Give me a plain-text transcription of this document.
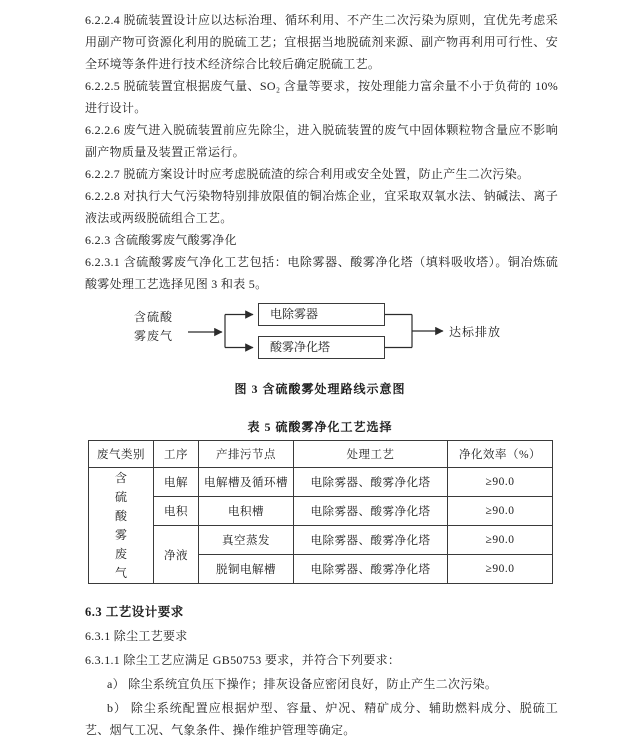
6.2.2.4 脱硫装置设计应以达标治理、循环利用、不产生二次污染为原则，宜优先考虑采用副产物可资源化利用的脱硫工艺；宜根据当地脱硫剂来源、副产物再利用可行性、安全环境等条件进行技术经济综合比较后确定脱硫工艺。

6.2.2.5 脱硫装置宜根据废气量、SO₂ 含量等要求，按处理能力富余量不小于负荷的 10%进行设计。

6.2.2.6 废气进入脱硫装置前应先除尘，进入脱硫装置的废气中固体颗粒物含量应不影响副产物质量及装置正常运行。

6.2.2.7 脱硫方案设计时应考虑脱硫渣的综合利用或安全处置，防止产生二次污染。

6.2.2.8 对执行大气污染物特别排放限值的铜冶炼企业，宜采取双氧水法、钠碱法、离子液法或两级脱硫组合工艺。

6.2.3 含硫酸雾废气酸雾净化

6.2.3.1 含硫酸雾废气净化工艺包括：电除雾器、酸雾净化塔（填料吸收塔）。铜冶炼硫酸雾处理工艺选择见图 3 和表 5。

含硫酸
雾废气
电除雾器
酸雾净化塔
达标排放
图 3 含硫酸雾处理路线示意图
表 5 硫酸雾净化工艺选择
废气类别	工序	产排污节点	处理工艺	净化效率（%）

含硫酸雾废气	电解	电解槽及循环槽	电除雾器、酸雾净化塔	≥90.0
	电积	电积槽	电除雾器、酸雾净化塔	≥90.0
	净液	真空蒸发	电除雾器、酸雾净化塔	≥90.0
		脱铜电解槽	电除雾器、酸雾净化塔	≥90.0

6.3 工艺设计要求

6.3.1 除尘工艺要求

6.3.1.1 除尘工艺应满足 GB50753 要求，并符合下列要求：

a） 除尘系统宜负压下操作；排灰设备应密闭良好，防止产生二次污染。

b） 除尘系统配置应根据炉型、容量、炉况、精矿成分、辅助燃料成分、脱硫工艺、烟气工况、气象条件、操作维护管理等确定。
